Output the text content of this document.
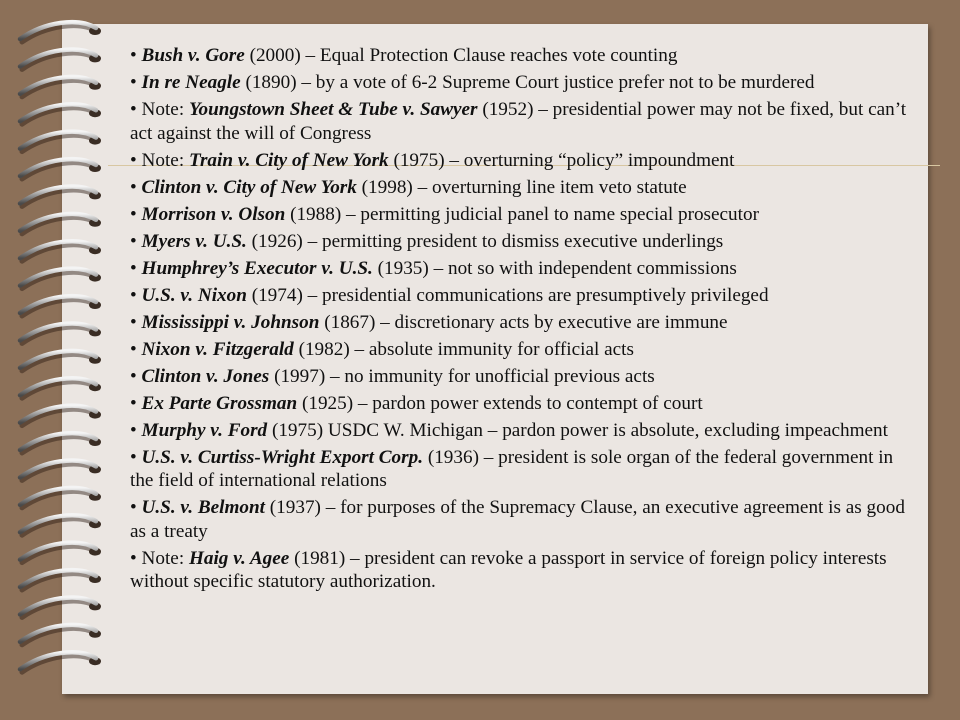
• Bush v. Gore (2000) – Equal Protection Clause reaches vote counting
• In re Neagle (1890) – by a vote of 6-2 Supreme Court justice prefer not to be murdered
• Note: Youngstown Sheet & Tube v. Sawyer (1952) – presidential power may not be fixed, but can’t act against the will of Congress
• Note: Train v. City of New York (1975) – overturning “policy” impoundment
• Clinton v. City of New York (1998) – overturning line item veto statute
• Morrison v. Olson (1988) – permitting judicial panel to name special prosecutor
• Myers v. U.S. (1926) – permitting president to dismiss executive underlings
• Humphrey’s Executor v. U.S. (1935) – not so with independent commissions
• U.S. v. Nixon (1974) – presidential communications are presumptively privileged
• Mississippi v. Johnson (1867) – discretionary acts by executive are immune
• Nixon v. Fitzgerald (1982) – absolute immunity for official acts
• Clinton v. Jones (1997) – no immunity for unofficial previous acts
• Ex Parte Grossman (1925) – pardon power extends to contempt of court
• Murphy v. Ford (1975) USDC W. Michigan – pardon power is absolute, excluding impeachment
• U.S. v. Curtiss-Wright Export Corp. (1936) – president is sole organ of the federal government in the field of international relations
• U.S. v. Belmont (1937) – for purposes of the Supremacy Clause, an executive agreement is as good as a treaty
• Note: Haig v. Agee (1981) – president can revoke a passport in service of foreign policy interests without specific statutory authorization.
